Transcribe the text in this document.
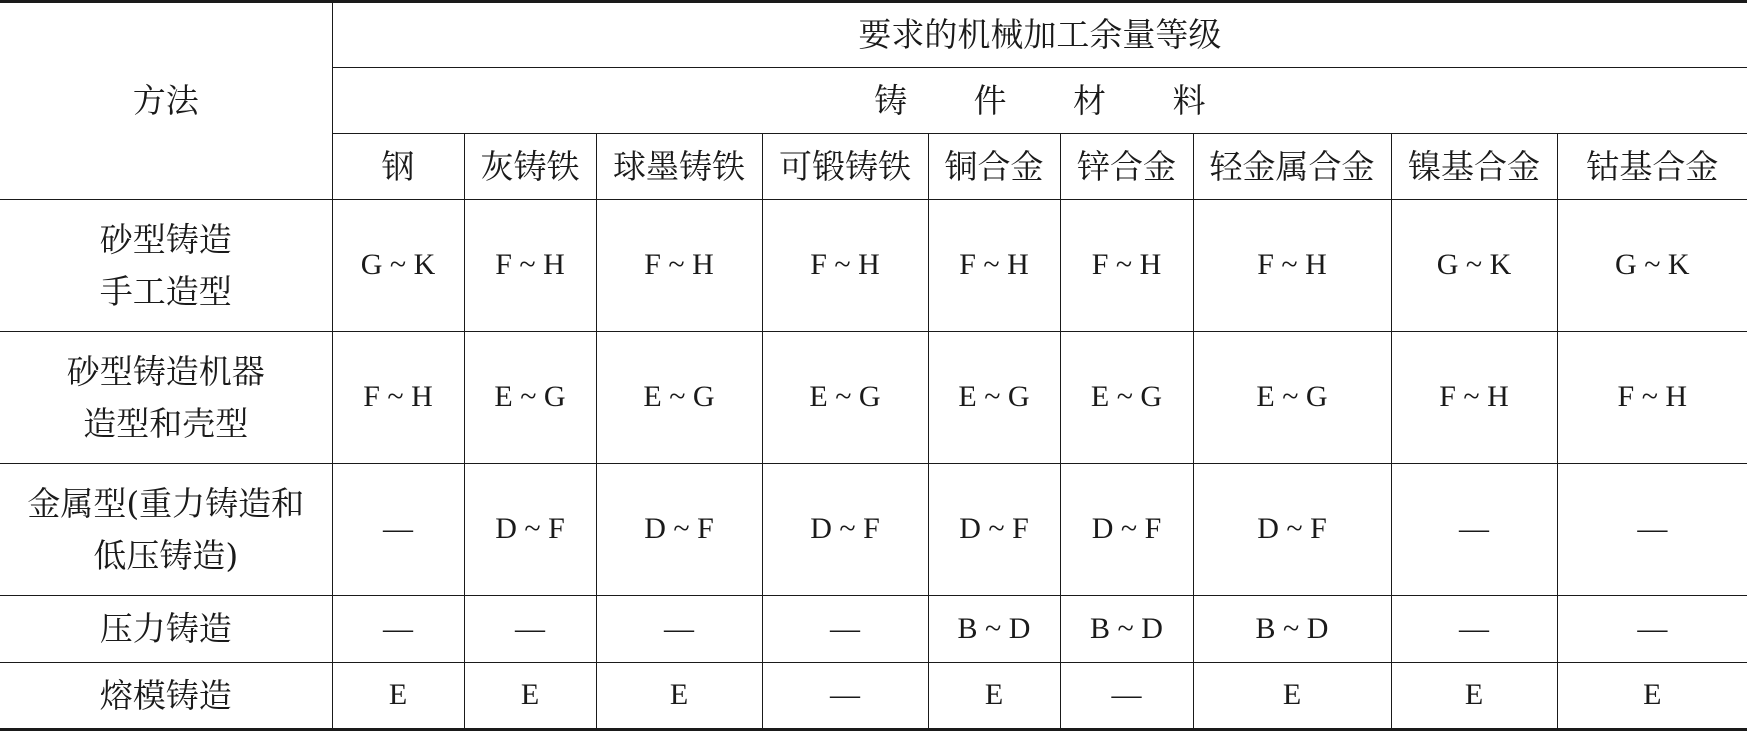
方法	要求的机械加工余量等级								
	铸 件 材 料								
	钢	灰铸铁	球墨铸铁	可锻铸铁	铜合金	锌合金	轻金属合金	镍基合金	钴基合金

砂型铸造
手工造型	G ~ K	F ~ H	F ~ H	F ~ H	F ~ H	F ~ H	F ~ H	G ~ K	G ~ K

砂型铸造机器
造型和壳型	F ~ H	E ~ G	E ~ G	E ~ G	E ~ G	E ~ G	E ~ G	F ~ H	F ~ H

金属型(重力铸造和
低压铸造)	—	D ~ F	D ~ F	D ~ F	D ~ F	D ~ F	D ~ F	—	—

压力铸造	—	—	—	—	B ~ D	B ~ D	B ~ D	—	—

熔模铸造	E	E	E	—	E	—	E	E	E
